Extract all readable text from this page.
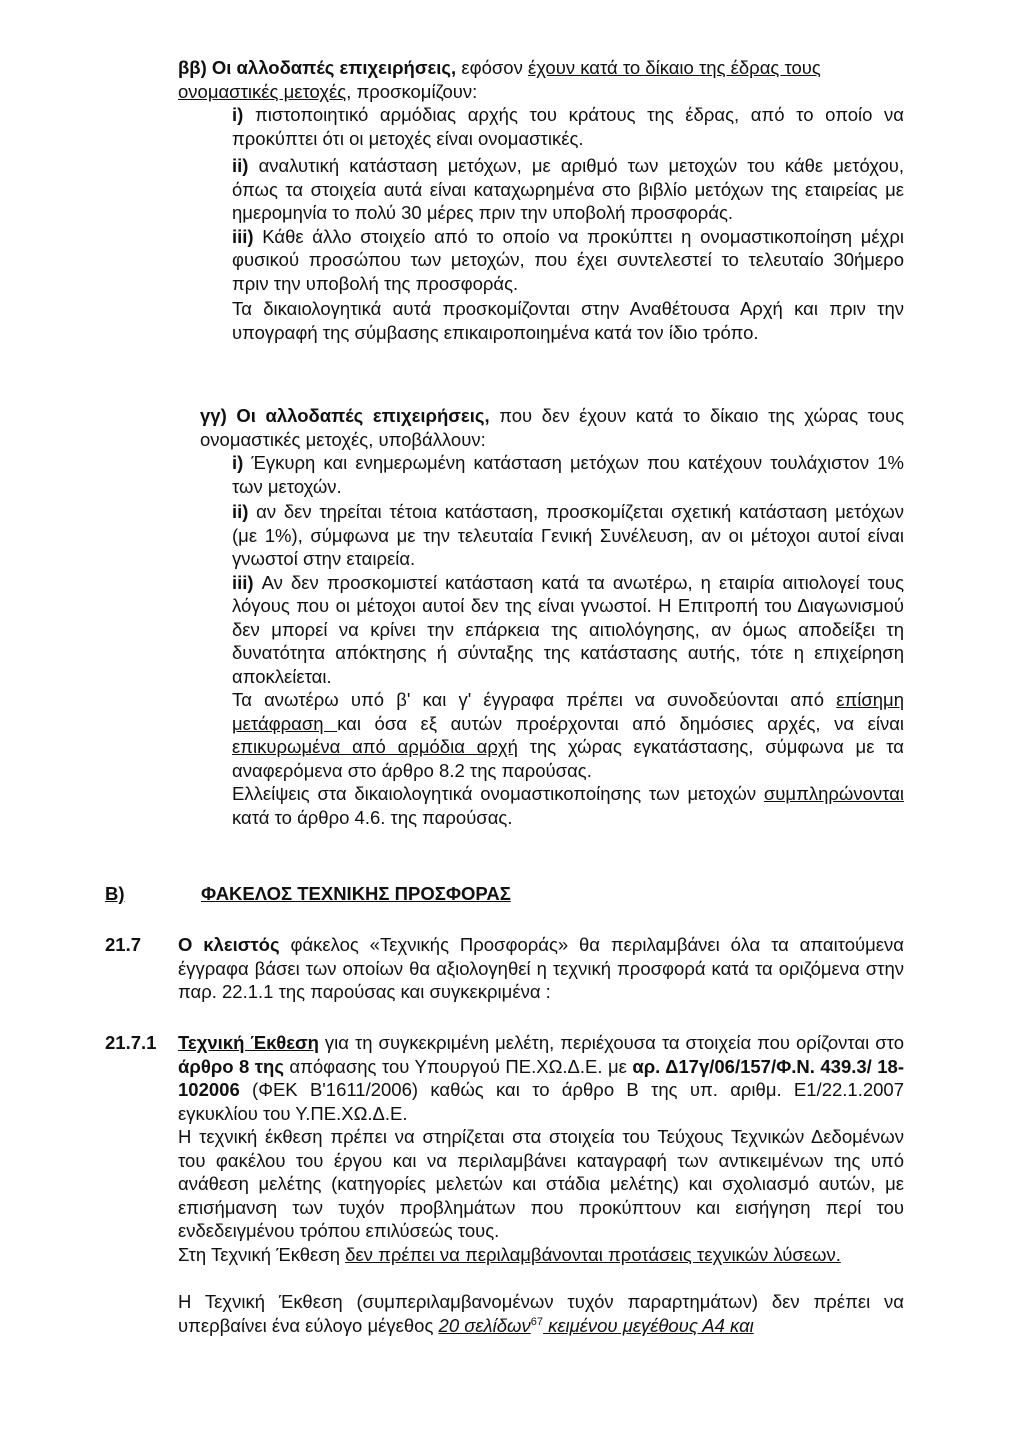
ββ) Οι αλλοδαπές επιχειρήσεις, εφόσον έχουν κατά το δίκαιο της έδρας τους
ονομαστικές μετοχές, προσκομίζουν:

i) πιστοποιητικό αρμόδιας αρχής του κράτους της έδρας, από το οποίο να προκύπτει ότι οι μετοχές είναι ονομαστικές.

ii) αναλυτική κατάσταση μετόχων, με αριθμό των μετοχών του κάθε μετόχου, όπως τα στοιχεία αυτά είναι καταχωρημένα στο βιβλίο μετόχων της εταιρείας με ημερομηνία το πολύ 30 μέρες πριν την υποβολή προσφοράς.

iii) Κάθε άλλο στοιχείο από το οποίο να προκύπτει η ονομαστικοποίηση μέχρι φυσικού προσώπου των μετοχών, που έχει συντελεστεί το τελευταίο 30ήμερο πριν την υποβολή της προσφοράς.

Τα δικαιολογητικά αυτά προσκομίζονται στην Αναθέτουσα Αρχή και πριν την υπογραφή της σύμβασης επικαιροποιημένα κατά τον ίδιο τρόπο.

γγ) Οι αλλοδαπές επιχειρήσεις, που δεν έχουν κατά το δίκαιο της χώρας τους ονομαστικές μετοχές, υποβάλλουν:

i) Έγκυρη και ενημερωμένη κατάσταση μετόχων που κατέχουν τουλάχιστον 1% των μετοχών.

ii) αν δεν τηρείται τέτοια κατάσταση, προσκομίζεται σχετική κατάσταση μετόχων (με 1%), σύμφωνα με την τελευταία Γενική Συνέλευση, αν οι μέτοχοι αυτοί είναι γνωστοί στην εταιρεία.

iii) Αν δεν προσκομιστεί κατάσταση κατά τα ανωτέρω, η εταιρία αιτιολογεί τους λόγους που οι μέτοχοι αυτοί δεν της είναι γνωστοί. Η Επιτροπή του Διαγωνισμού δεν μπορεί να κρίνει την επάρκεια της αιτιολόγησης, αν όμως αποδείξει τη δυνατότητα απόκτησης ή σύνταξης της κατάστασης αυτής, τότε η επιχείρηση αποκλείεται.

Τα ανωτέρω υπό β' και γ' έγγραφα πρέπει να συνοδεύονται από επίσημη μετάφραση και όσα εξ αυτών προέρχονται από δημόσιες αρχές, να είναι επικυρωμένα από αρμόδια αρχή της χώρας εγκατάστασης, σύμφωνα με τα αναφερόμενα στο άρθρο 8.2 της παρούσας.

Ελλείψεις στα δικαιολογητικά ονομαστικοποίησης των μετοχών συμπληρώνονται κατά το άρθρο 4.6. της παρούσας.

Β)	ΦΑΚΕΛΟΣ ΤΕΧΝΙΚΗΣ ΠΡΟΣΦΟΡΑΣ
21.7 Ο κλειστός φάκελος «Τεχνικής Προσφοράς» θα περιλαμβάνει όλα τα απαιτούμενα έγγραφα βάσει των οποίων θα αξιολογηθεί η τεχνική προσφορά κατά τα οριζόμενα στην παρ. 22.1.1 της παρούσας και συγκεκριμένα :

21.7.1 Τεχνική Έκθεση για τη συγκεκριμένη μελέτη, περιέχουσα τα στοιχεία που ορίζονται στο άρθρο 8 της απόφασης του Υπουργού ΠΕ.ΧΩ.Δ.Ε. με αρ. Δ17γ/06/157/Φ.Ν. 439.3/ 18-102006 (ΦΕΚ Β'1611/2006) καθώς και το άρθρο Β της υπ. αριθμ. Ε1/22.1.2007 εγκυκλίου του Υ.ΠΕ.ΧΩ.Δ.Ε.

Η τεχνική έκθεση πρέπει να στηρίζεται στα στοιχεία του Τεύχους Τεχνικών Δεδομένων του φακέλου του έργου και να περιλαμβάνει καταγραφή των αντικειμένων της υπό ανάθεση μελέτης (κατηγορίες μελετών και στάδια μελέτης) και σχολιασμό αυτών, με επισήμανση των τυχόν προβλημάτων που προκύπτουν και εισήγηση περί του ενδεδειγμένου τρόπου επιλύσεώς τους.

Στη Τεχνική Έκθεση δεν πρέπει να περιλαμβάνονται προτάσεις τεχνικών λύσεων.

Η Τεχνική Έκθεση (συμπεριλαμβανομένων τυχόν παραρτημάτων) δεν πρέπει να υπερβαίνει ένα εύλογο μέγεθος 20 σελίδων$^{67}$ κειμένου μεγέθους Α4 και
